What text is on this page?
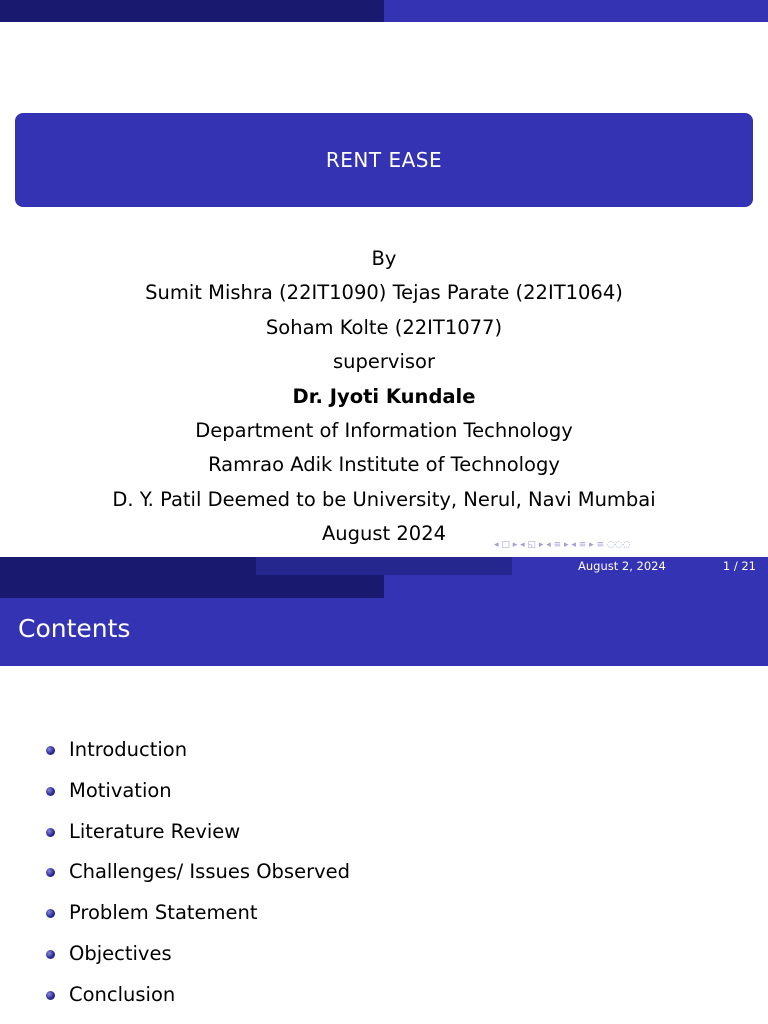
RENT EASE
By
Sumit Mishra (22IT1090) Tejas Parate (22IT1064)
Soham Kolte (22IT1077)
supervisor
Dr. Jyoti Kundale
Department of Information Technology
Ramrao Adik Institute of Technology
D. Y. Patil Deemed to be University, Nerul, Navi Mumbai
August 2024	◂ □ ▸ ◂ ◱ ▸ ◂ ≡ ▸ ◂ ≡ ▸ ≡ ◌◌◌
August 2, 2024	1 / 21
Contents
Introduction
Motivation
Literature Review
Challenges/ Issues Observed
Problem Statement
Objectives
Conclusion
